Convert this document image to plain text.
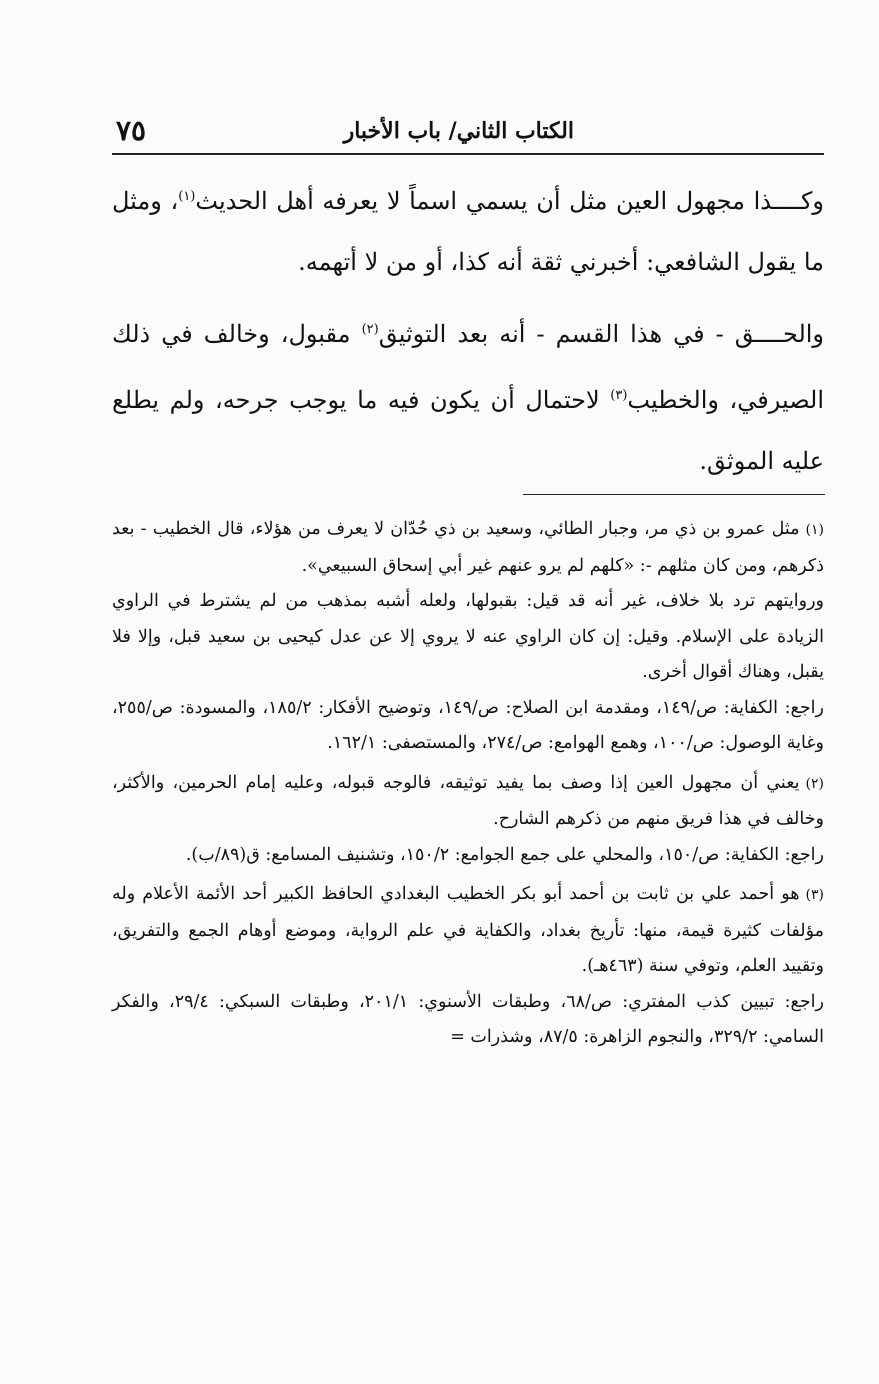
٧٥	الكتاب الثاني/ باب الأخبار

وكــــذا مجهول العين مثل أن يسمي اسماً لا يعرفه أهل الحديث$^{(١)}$، ومثل ما يقول الشافعي: أخبرني ثقة أنه كذا، أو من لا أتهمه.

والحــــق - في هذا القسم - أنه بعد التوثيق$^{(٢)}$ مقبول، وخالف في ذلك الصيرفي، والخطيب$^{(٣)}$ لاحتمال أن يكون فيه ما يوجب جرحه، ولم يطلع عليه الموثق.

(١)مثل عمرو بن ذي مر، وجبار الطائي، وسعيد بن ذي حُدّان لا يعرف من هؤلاء، قال الخطيب - بعد ذكرهم، ومن كان مثلهم -: «كلهم لم يرو عنهم غير أبي إسحاق السبيعي».

وروايتهم ترد بلا خلاف، غير أنه قد قيل: بقبولها، ولعله أشبه بمذهب من لم يشترط في الراوي الزيادة على الإسلام. وقيل: إن كان الراوي عنه لا يروي إلا عن عدل كيحيى بن سعيد قبل، وإلا فلا يقبل، وهناك أقوال أخرى.

راجع: الكفاية: ص/١٤٩، ومقدمة ابن الصلاح: ص/١٤٩، وتوضيح الأفكار: ١٨٥/٢، والمسودة: ص/٢٥٥، وغاية الوصول: ص/١٠٠، وهمع الهوامع: ص/٢٧٤، والمستصفى: ١٦٢/١.

(٢)يعني أن مجهول العين إذا وصف بما يفيد توثيقه، فالوجه قبوله، وعليه إمام الحرمين، والأكثر، وخالف في هذا فريق منهم من ذكرهم الشارح.

راجع: الكفاية: ص/١٥٠، والمحلي على جمع الجوامع: ١٥٠/٢، وتشنيف المسامع: ق(٨٩/ب).

(٣)هو أحمد علي بن ثابت بن أحمد أبو بكر الخطيب البغدادي الحافظ الكبير أحد الأئمة الأعلام وله مؤلفات كثيرة قيمة، منها: تأريخ بغداد، والكفاية في علم الرواية، وموضع أوهام الجمع والتفريق، وتقييد العلم، وتوفي سنة (٤٦٣هـ).

راجع: تبيين كذب المفتري: ص/٦٨، وطبقات الأسنوي: ٢٠١/١، وطبقات السبكي: ٢٩/٤، والفكر السامي: ٣٢٩/٢، والنجوم الزاهرة: ٨٧/٥، وشذرات =
